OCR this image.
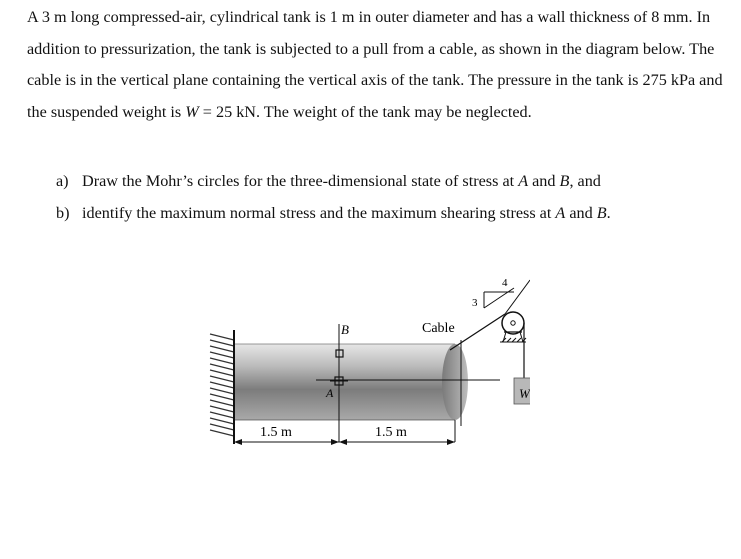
A 3 m long compressed-air, cylindrical tank is 1 m in outer diameter and has a wall thickness of 8 mm. In addition to pressurization, the tank is subjected to a pull from a cable, as shown in the diagram below. The cable is in the vertical plane containing the vertical axis of the tank. The pressure in the tank is 275 kPa and the suspended weight is W = 25 kN. The weight of the tank may be neglected.

a) Draw the Mohr’s circles for the three-dimensional state of stress at A and B, and
b) identify the maximum normal stress and the maximum shearing stress at A and B.
B
A
Cable
3
4
W
1.5 m	1.5 m
